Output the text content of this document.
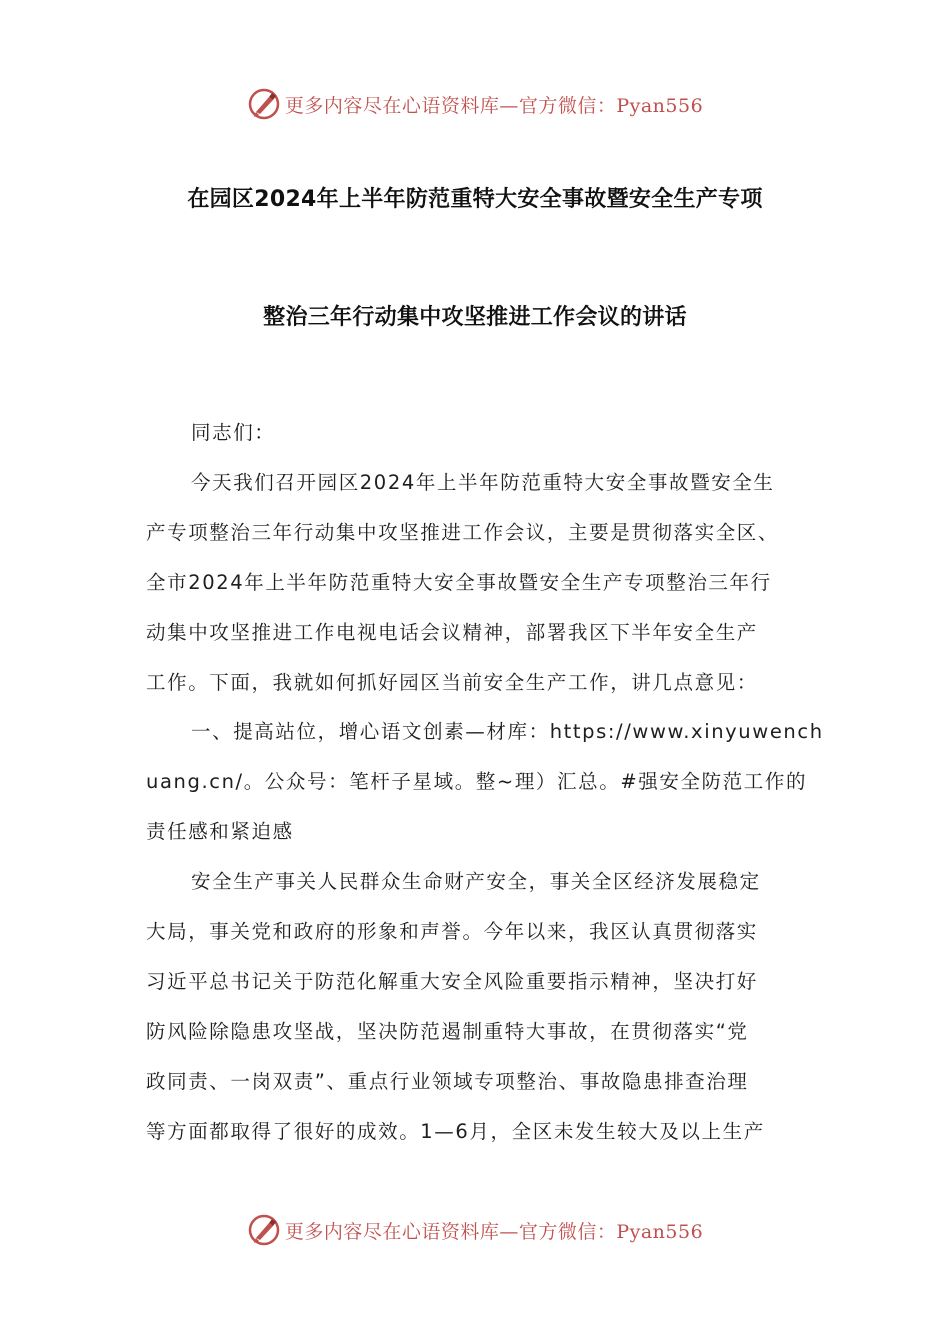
更多内容尽在心语资料库—官方微信：Pyan556
在园区2024年上半年防范重特大安全事故暨安全生产专项
整治三年行动集中攻坚推进工作会议的讲话
同志们：
今天我们召开园区2024年上半年防范重特大安全事故暨安全生
产专项整治三年行动集中攻坚推进工作会议，主要是贯彻落实全区、
全市2024年上半年防范重特大安全事故暨安全生产专项整治三年行
动集中攻坚推进工作电视电话会议精神，部署我区下半年安全生产
工作。下面，我就如何抓好园区当前安全生产工作，讲几点意见：
一、提高站位，增心语文创素—材库：https://www.xinyuwench
uang.cn/。公众号：笔杆子星域。整~理）汇总。#强安全防范工作的
责任感和紧迫感
安全生产事关人民群众生命财产安全，事关全区经济发展稳定
大局，事关党和政府的形象和声誉。今年以来，我区认真贯彻落实
习近平总书记关于防范化解重大安全风险重要指示精神，坚决打好
防风险除隐患攻坚战，坚决防范遏制重特大事故，在贯彻落实“党
政同责、一岗双责”、重点行业领域专项整治、事故隐患排查治理
等方面都取得了很好的成效。1—6月，全区未发生较大及以上生产
更多内容尽在心语资料库—官方微信：Pyan556
